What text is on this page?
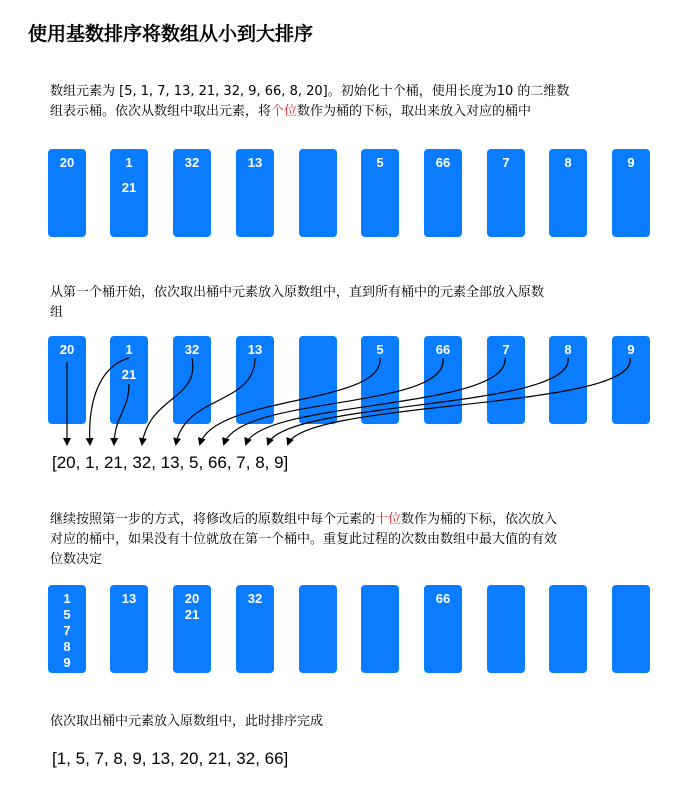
使用基数排序将数组从小到大排序
数组元素为 [5, 1, 7, 13, 21, 32, 9, 66, 8, 20]。初始化十个桶，使用长度为10 的二维数
组表示桶。依次从数组中取出元素，将个位数作为桶的下标，取出来放入对应的桶中
20	1
21
32	13	5	66	7	8	9
从第一个桶开始，依次取出桶中元素放入原数组中，直到所有桶中的元素全部放入原数
组
20	1
21
32	13	5	66	7	8	9
[20, 1, 21, 32, 13, 5, 66, 7, 8, 9]
继续按照第一步的方式，将修改后的原数组中每个元素的十位数作为桶的下标，依次放入
对应的桶中，如果没有十位就放在第一个桶中。重复此过程的次数由数组中最大值的有效
位数决定
1
5
7
8
9
13	20
21
32	66
依次取出桶中元素放入原数组中，此时排序完成
[1, 5, 7, 8, 9, 13, 20, 21, 32, 66]
